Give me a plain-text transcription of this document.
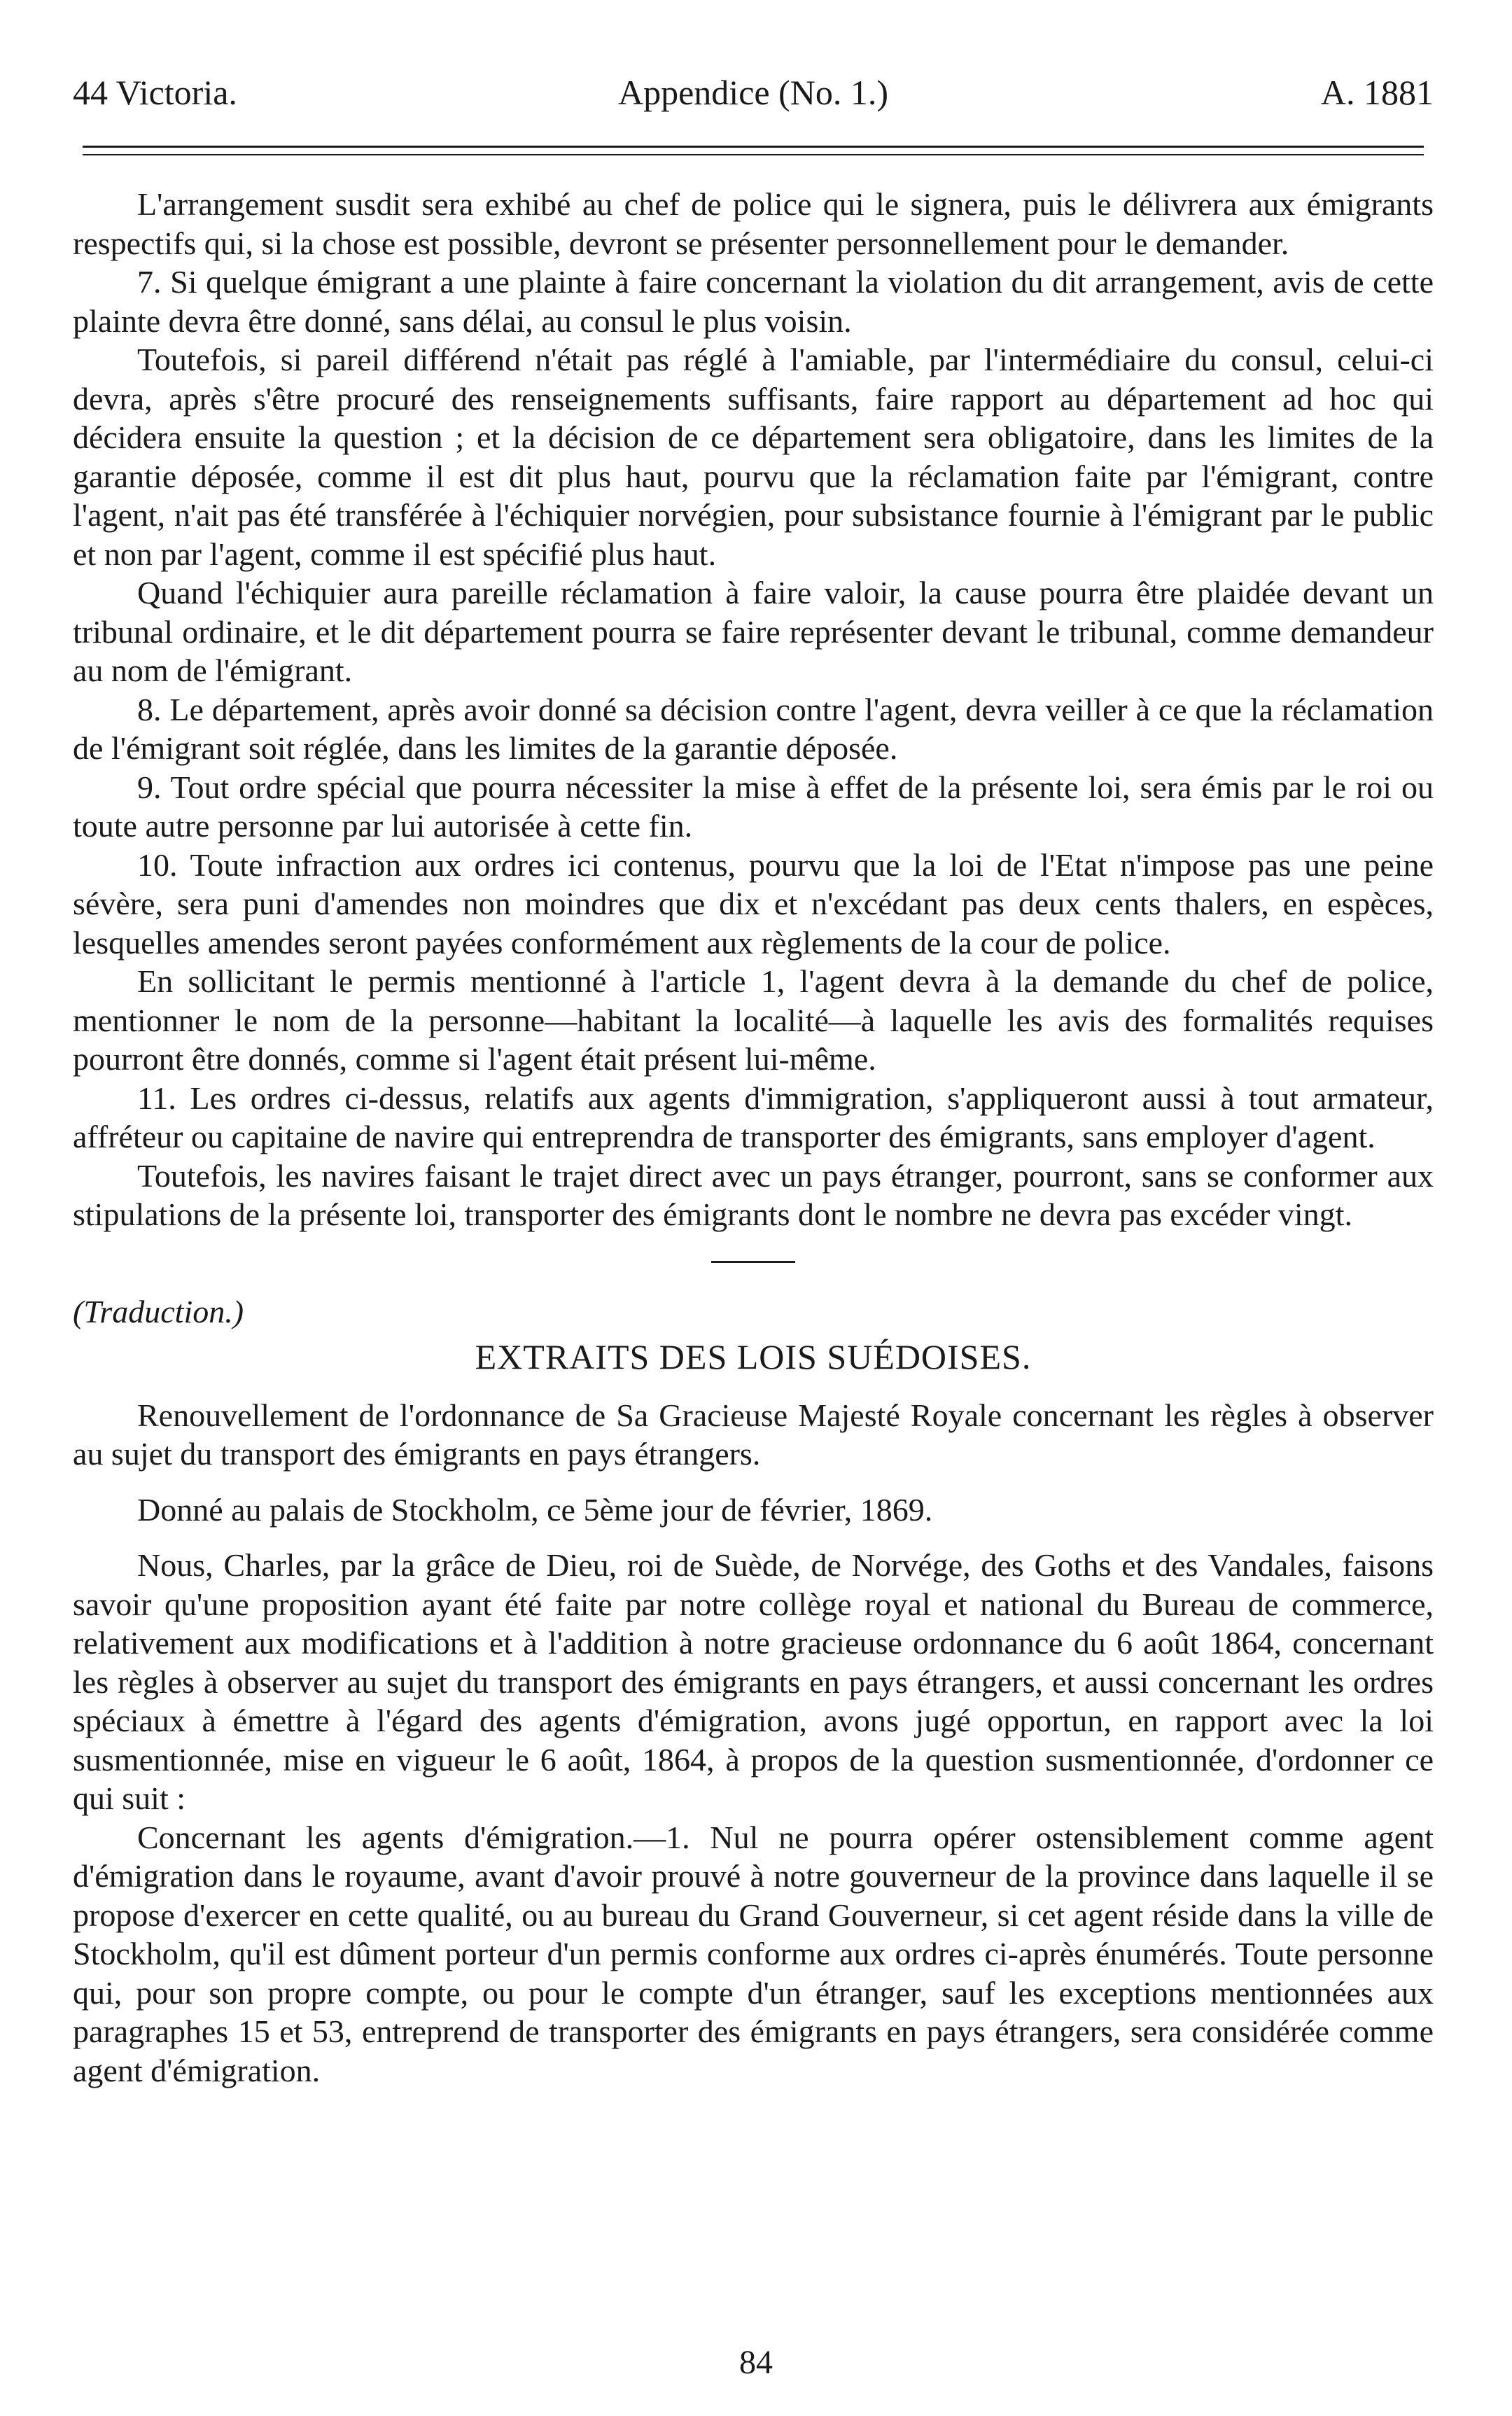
44 Victoria.	Appendice (No. 1.)	A. 1881

L'arrangement susdit sera exhibé au chef de police qui le signera, puis le délivrera aux émigrants respectifs qui, si la chose est possible, devront se présenter personnellement pour le demander.

7. Si quelque émigrant a une plainte à faire concernant la violation du dit arrangement, avis de cette plainte devra être donné, sans délai, au consul le plus voisin.

Toutefois, si pareil différend n'était pas réglé à l'amiable, par l'intermédiaire du consul, celui-ci devra, après s'être procuré des renseignements suffisants, faire rapport au département ad hoc qui décidera ensuite la question ; et la décision de ce département sera obligatoire, dans les limites de la garantie déposée, comme il est dit plus haut, pourvu que la réclamation faite par l'émigrant, contre l'agent, n'ait pas été transférée à l'échiquier norvégien, pour subsistance fournie à l'émigrant par le public et non par l'agent, comme il est spécifié plus haut.

Quand l'échiquier aura pareille réclamation à faire valoir, la cause pourra être plaidée devant un tribunal ordinaire, et le dit département pourra se faire représenter devant le tribunal, comme demandeur au nom de l'émigrant.

8. Le département, après avoir donné sa décision contre l'agent, devra veiller à ce que la réclamation de l'émigrant soit réglée, dans les limites de la garantie déposée.

9. Tout ordre spécial que pourra nécessiter la mise à effet de la présente loi, sera émis par le roi ou toute autre personne par lui autorisée à cette fin.

10. Toute infraction aux ordres ici contenus, pourvu que la loi de l'Etat n'impose pas une peine sévère, sera puni d'amendes non moindres que dix et n'excédant pas deux cents thalers, en espèces, lesquelles amendes seront payées conformément aux règlements de la cour de police.

En sollicitant le permis mentionné à l'article 1, l'agent devra à la demande du chef de police, mentionner le nom de la personne—habitant la localité—à laquelle les avis des formalités requises pourront être donnés, comme si l'agent était présent lui-même.

11. Les ordres ci-dessus, relatifs aux agents d'immigration, s'appliqueront aussi à tout armateur, affréteur ou capitaine de navire qui entreprendra de transporter des émigrants, sans employer d'agent.

Toutefois, les navires faisant le trajet direct avec un pays étranger, pourront, sans se conformer aux stipulations de la présente loi, transporter des émigrants dont le nombre ne devra pas excéder vingt.

(Traduction.)
EXTRAITS DES LOIS SUÉDOISES.

Renouvellement de l'ordonnance de Sa Gracieuse Majesté Royale concernant les règles à observer au sujet du transport des émigrants en pays étrangers.

Donné au palais de Stockholm, ce 5ème jour de février, 1869.

Nous, Charles, par la grâce de Dieu, roi de Suède, de Norvége, des Goths et des Vandales, faisons savoir qu'une proposition ayant été faite par notre collège royal et national du Bureau de commerce, relativement aux modifications et à l'addition à notre gracieuse ordonnance du 6 août 1864, concernant les règles à observer au sujet du transport des émigrants en pays étrangers, et aussi concernant les ordres spéciaux à émettre à l'égard des agents d'émigration, avons jugé opportun, en rapport avec la loi susmentionnée, mise en vigueur le 6 août, 1864, à propos de la question susmentionnée, d'ordonner ce qui suit :

Concernant les agents d'émigration.—1. Nul ne pourra opérer ostensiblement comme agent d'émigration dans le royaume, avant d'avoir prouvé à notre gouverneur de la province dans laquelle il se propose d'exercer en cette qualité, ou au bureau du Grand Gouverneur, si cet agent réside dans la ville de Stockholm, qu'il est dûment porteur d'un permis conforme aux ordres ci-après énumérés. Toute personne qui, pour son propre compte, ou pour le compte d'un étranger, sauf les exceptions mentionnées aux paragraphes 15 et 53, entreprend de transporter des émigrants en pays étrangers, sera considérée comme agent d'émigration.

84
